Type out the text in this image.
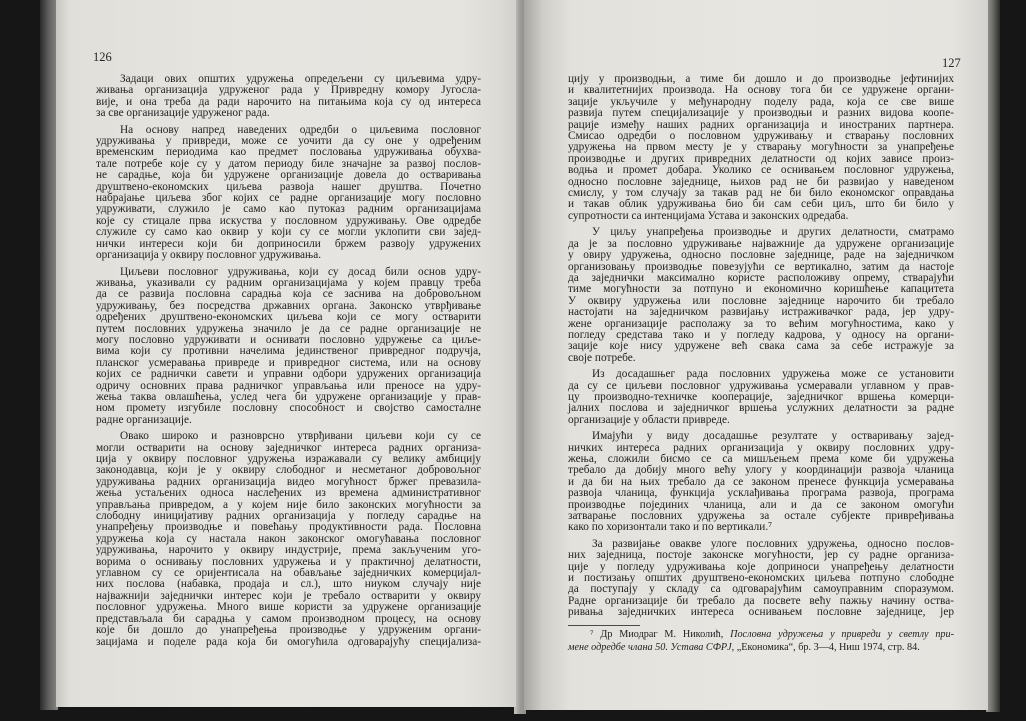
126
Задаци ових општих удружења опредељени су циљевима удру-
живања организација удруженог рада у Привредну комору Југосла-
вије, и она треба да ради нарочито на питањима која су од интереса
за све организације удруженог рада.
На основу напред наведених одредби о циљевима пословног
удруживања у привреди, може се уочити да су оне у одређеним
временским периодима као предмет пословања удруживања обухва-
тале потребе које су у датом периоду биле значајне за развој послов-
не сарадње, која би удружене организације довела до остваривања
друштвено-економских циљева развоја нашег друштва. Почетно
набрајање циљева због којих се радне организације могу пословно
удруживати, служило је само као путоказ радним организацијама
које су стицале прва искуства у пословном удруживању. Ове одредбе
служиле су само као оквир у који су се могли уклопити сви зајед-
нички интереси који би доприносили бржем развоју удружених
организација у оквиру пословног удруживања.
Циљеви пословног удруживања, који су досад били основ удру-
живања, указивали су радним организацијама у којем правцу треба
да се развија пословна сарадња која се заснива на добровољном
удруживању, без посредства државних органа. Законско утврђивање
одређених друштвено-економских циљева који се могу остварити
путем пословних удружења значило је да се радне организације не
могу пословно удруживати и оснивати пословно удружење са циље-
вима који су противни начелима јединственог привредног подручја,
планског усмеравања привреде и привредног система, или на основу
којих се раднички савети и управни одбори удружених организација
одричу основних права радничког управљања или преносе на удру-
жења таква овлашћења, услед чега би удружене организације у прав-
ном промету изгубиле пословну способност и својство самосталне
радне организације.
Овако широко и разноврсно утврђивани циљеви који су се
могли остварити на основу заједничког интереса радних организа-
ција у оквиру пословног удружења изражавали су велику амбицију
законодавца, који је у оквиру слободног и несметаног добровољног
удруживања радних организација видео могућност бржег превазила-
жења устаљених односа наслеђених из времена административног
управљања привредом, а у којем није било законских могућности за
слободну иницијативу радних организација у погледу сарадње на
унапређењу производње и повећању продуктивности рада. Пословна
удружења која су настала након законског омогућавања пословног
удруживања, нарочито у оквиру индустрије, према закљученим уго-
ворима о оснивању пословних удружења и у практичној делатности,
углавном су се оријентисала на обављање заједничких комерцијал-
них послова (набавка, продаја и сл.), што ниуком случају није
најважнији заједнички интерес који је требало остварити у оквиру
пословног удружења. Много више користи за удружене организације
представљала би сарадња у самом производном процесу, на основу
које би дошло до унапређења производње у удруженим органи-
зацијама и поделе рада која би омогућила одговарајућу специјализа-
127
цију у производњи, а тиме би дошло и до производње јефтинијих
и квалитетнијих производа. На основу тога би се удружене органи-
зације укључиле у међународну поделу рада, која се све више
развија путем специјализације у производњи и разних видова коопе-
рације између наших радних организација и иностраних партнера.
Смисао одредби о пословном удруживању и стварању пословних
удружења на првом месту је у стварању могућности за унапређење
производње и других привредних делатности од којих зависе произ-
водња и промет добара. Уколико се оснивањем пословног удружења,
односно пословне заједнице, њихов рад не би развијао у наведеном
смислу, у том случају за такав рад не би било економског оправдања
и такав облик удруживања био би сам себи циљ, што би било у
супротности са интенцијама Устава и законских одредаба.
У циљу унапређења производње и других делатности, сматрамо
да је за пословно удруживање најважније да удружене организације
у овиру удружења, односно пословне заједнице, раде на заједничком
организовању производње повезујући се вертикално, затим да настоје
да заједнички максимално користе расположиву опрему, стварајући
тиме могућности за потпуно и економично коришћење капацитета
У оквиру удружења или пословне заједнице нарочито би требало
настојати на заједничком развијању истраживачког рада, јер удру-
жене организације располажу за то већим могућностима, како у
погледу средстава тако и у погледу кадрова, у односу на органи-
зације које нису удружене већ свака сама за себе истражује за
своје потребе.
Из досадашњег рада пословних удружења може се установити
да су се циљеви пословног удруживања усмеравали углавном у прав-
цу производно-техничке кооперације, заједничког вршења комерци-
јалних послова и заједничког вршења услужних делатности за радне
организације у области привреде.
Имајући у виду досадашње резултате у остваривању зајед-
ничких интереса радних организација у оквиру пословних удру-
жења, сложили бисмо се са мишљењем према коме би удружења
требало да добију много већу улогу у координацији развоја чланица
и да би на њих требало да се законом пренесе функција усмеравања
развоја чланица, функција усклађивања програма развоја, програма
производње појединих чланица, али и да се законом омогући
затварање пословних удружења за остале субјекте привређивања
како по хоризонтали тако и по вертикали.⁷
За развијање овакве улоге пословних удружења, односно послов-
них заједница, постоје законске могућности, јер су радне организа-
ције у погледу удруживања које доприноси унапређењу делатности
и постизању општих друштвено-економских циљева потпуно слободне
да поступају у складу са одговарајућим самоуправним споразумом.
Радне организације би требало да посвете већу пажњу начину оства-
ривања заједничких интереса оснивањем пословне заједнице, јер
⁷ Др Миодраг М. Николић, Пословна удружења у привреди у светлу при-
мене одредбе члана 50. Устава СФРЈ, „Економика“, бр. 3—4, Ниш 1974, стр. 84.
